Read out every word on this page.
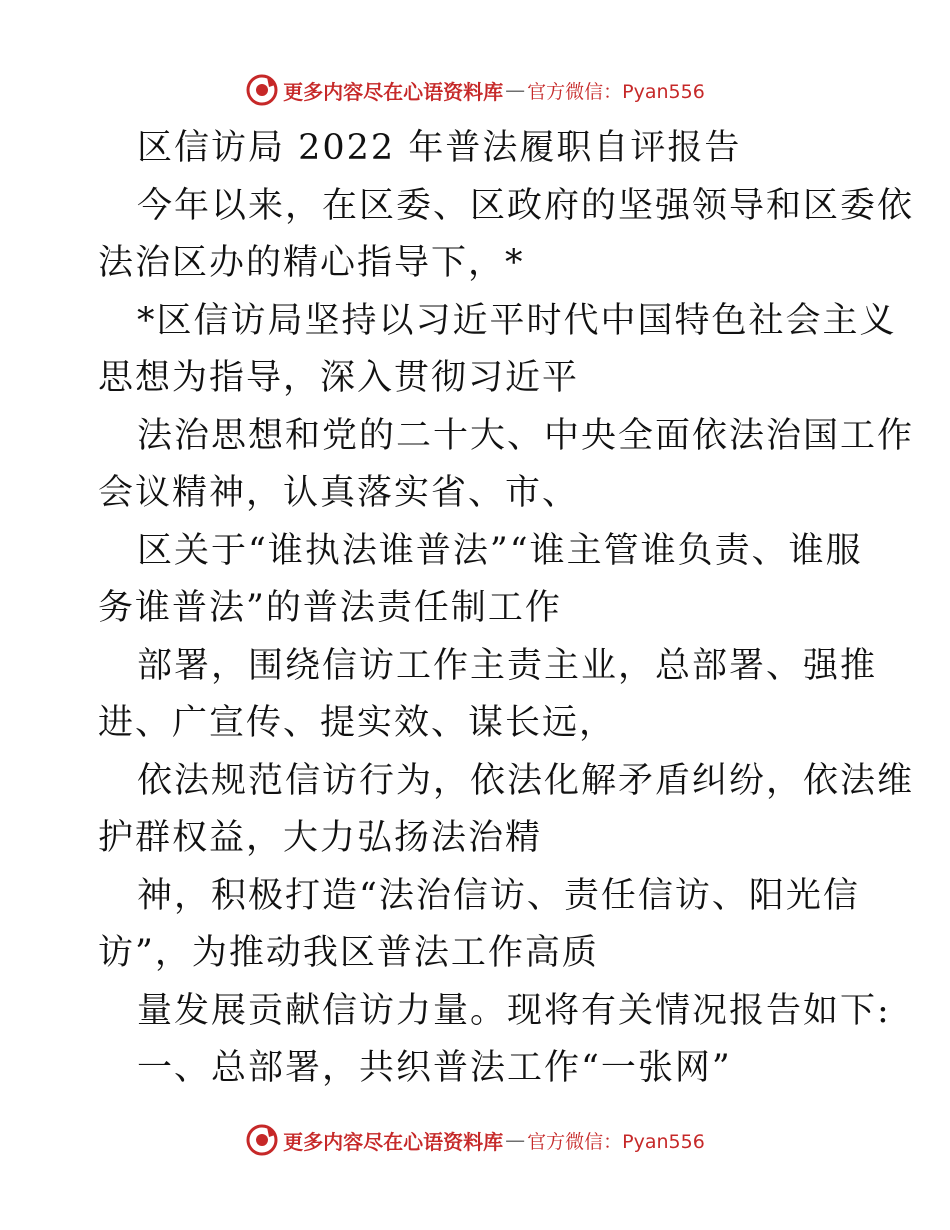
更多内容尽在心语资料库 — 官方微信：Pyan556
区信访局 2022 年普法履职自评报告
今年以来，在区委、区政府的坚强领导和区委依
法治区办的精心指导下，*
*区信访局坚持以习近平时代中国特色社会主义
思想为指导，深入贯彻习近平
法治思想和党的二十大、中央全面依法治国工作
会议精神，认真落实省、市、
区关于“谁执法谁普法”“谁主管谁负责、谁服
务谁普法”的普法责任制工作
部署，围绕信访工作主责主业，总部署、强推
进、广宣传、提实效、谋长远，
依法规范信访行为，依法化解矛盾纠纷，依法维
护群权益，大力弘扬法治精
神，积极打造“法治信访、责任信访、阳光信
访”，为推动我区普法工作高质
量发展贡献信访力量。现将有关情况报告如下:
一、总部署，共织普法工作“一张网”
更多内容尽在心语资料库 — 官方微信：Pyan556
